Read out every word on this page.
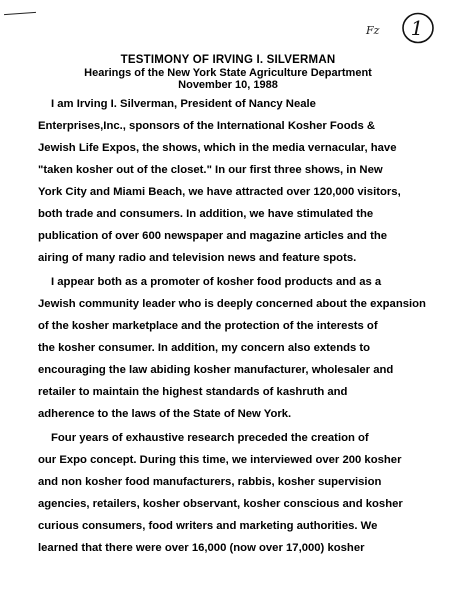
Fz 1
TESTIMONY OF IRVING I. SILVERMAN
Hearings of the New York State Agriculture Department
November 10, 1988
I am Irving I. Silverman, President of Nancy Neale
Enterprises,Inc., sponsors of the International Kosher Foods &
Jewish Life Expos, the shows, which in the media vernacular, have
"taken kosher out of the closet." In our first three shows, in New
York City and Miami Beach, we have attracted over 120,000 visitors,
both trade and consumers. In addition, we have stimulated the
publication of over 600 newspaper and magazine articles and the
airing of many radio and television news and feature spots.
I appear both as a promoter of kosher food products and as a
Jewish community leader who is deeply concerned about the expansion
of the kosher marketplace and the protection of the interests of
the kosher consumer. In addition, my concern also extends to
encouraging the law abiding kosher manufacturer, wholesaler and
retailer to maintain the highest standards of kashruth and
adherence to the laws of the State of New York.
Four years of exhaustive research preceded the creation of
our Expo concept. During this time, we interviewed over 200 kosher
and non kosher food manufacturers, rabbis, kosher supervision
agencies, retailers, kosher observant, kosher conscious and kosher
curious consumers, food writers and marketing authorities. We
learned that there were over 16,000 (now over 17,000) kosher
